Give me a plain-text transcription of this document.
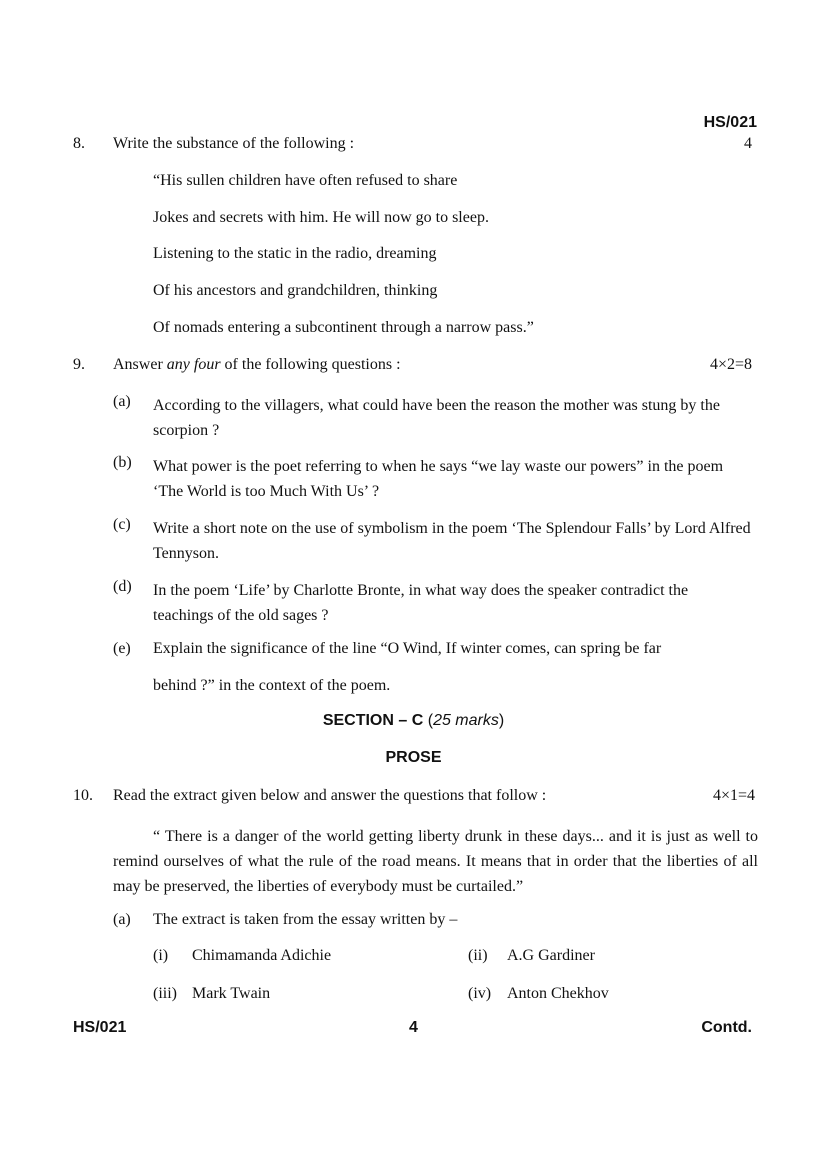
HS/021
8. Write the substance of the following :	4
“His sullen children have often refused to share
Jokes and secrets with him. He will now go to sleep.
Listening to the static in the radio, dreaming
Of his ancestors and grandchildren, thinking
Of nomads entering a subcontinent through a narrow pass.”
9. Answer any four of the following questions :	4×2=8
(a) According to the villagers, what could have been the reason the mother was stung by the scorpion ?
(b) What power is the poet referring to when he says “we lay waste our powers” in the poem ‘The World is too Much With Us’ ?
(c) Write a short note on the use of symbolism in the poem ‘The Splendour Falls’ by Lord Alfred Tennyson.
(d) In the poem ‘Life’ by Charlotte Bronte, in what way does the speaker contradict the teachings of the old sages ?
(e) Explain the significance of the line “O Wind, If winter comes, can spring be far
behind ?” in the context of the poem.
SECTION – C (25 marks)
PROSE
10. Read the extract given below and answer the questions that follow :	4×1=4
“ There is a danger of the world getting liberty drunk in these days... and it is just as well to remind ourselves of what the rule of the road means. It means that in order that the liberties of all may be preserved, the liberties of everybody must be curtailed.”
(a) The extract is taken from the essay written by –
(i) Chimamanda Adichie	(ii) A.G Gardiner
(iii) Mark Twain	(iv) Anton Chekhov
HS/021	4	Contd.
